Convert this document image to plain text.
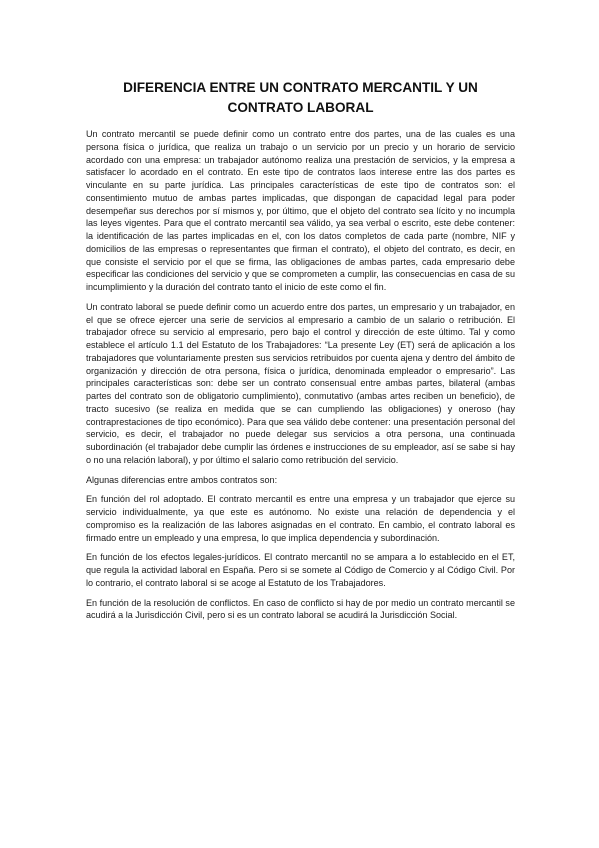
DIFERENCIA ENTRE UN CONTRATO MERCANTIL Y UN CONTRATO LABORAL

Un contrato mercantil se puede definir como un contrato entre dos partes, una de las cuales es una persona física o jurídica, que realiza un trabajo o un servicio por un precio y un horario de servicio acordado con una empresa: un trabajador autónomo realiza una prestación de servicios, y la empresa a satisfacer lo acordado en el contrato. En este tipo de contratos laos interese entre las dos partes es vinculante en su parte jurídica. Las principales características de este tipo de contratos son: el consentimiento mutuo de ambas partes implicadas, que dispongan de capacidad legal para poder desempeñar sus derechos por sí mismos y, por último, que el objeto del contrato sea lícito y no incumpla las leyes vigentes. Para que el contrato mercantil sea válido, ya sea verbal o escrito, este debe contener: la identificación de las partes implicadas en el, con los datos completos de cada parte (nombre, NIF y domicilios de las empresas o representantes que firman el contrato), el objeto del contrato, es decir, en que consiste el servicio por el que se firma, las obligaciones de ambas partes, cada empresario debe especificar las condiciones del servicio y que se comprometen a cumplir, las consecuencias en casa de su incumplimiento y la duración del contrato tanto el inicio de este como el fin.

Un contrato laboral se puede definir como un acuerdo entre dos partes, un empresario y un trabajador, en el que se ofrece ejercer una serie de servicios al empresario a cambio de un salario o retribución. El trabajador ofrece su servicio al empresario, pero bajo el control y dirección de este último. Tal y como establece el artículo 1.1 del Estatuto de los Trabajadores: “La presente Ley (ET) será de aplicación a los trabajadores que voluntariamente presten sus servicios retribuidos por cuenta ajena y dentro del ámbito de organización y dirección de otra persona, física o jurídica, denominada empleador o empresario”. Las principales características son: debe ser un contrato consensual entre ambas partes, bilateral (ambas partes del contrato son de obligatorio cumplimiento), conmutativo (ambas artes reciben un beneficio), de tracto sucesivo (se realiza en medida que se can cumpliendo las obligaciones) y oneroso (hay contraprestaciones de tipo económico). Para que sea válido debe contener: una presentación personal del servicio, es decir, el trabajador no puede delegar sus servicios a otra persona, una continuada subordinación (el trabajador debe cumplir las órdenes e instrucciones de su empleador, así se sabe si hay o no una relación laboral), y por último el salario como retribución del servicio.

Algunas diferencias entre ambos contratos son:

En función del rol adoptado. El contrato mercantil es entre una empresa y un trabajador que ejerce su servicio individualmente, ya que este es autónomo. No existe una relación de dependencia y el compromiso es la realización de las labores asignadas en el contrato. En cambio, el contrato laboral es firmado entre un empleado y una empresa, lo que implica dependencia y subordinación.

En función de los efectos legales-jurídicos. El contrato mercantil no se ampara a lo establecido en el ET, que regula la actividad laboral en España. Pero si se somete al Código de Comercio y al Código Civil. Por lo contrario, el contrato laboral si se acoge al Estatuto de los Trabajadores.

En función de la resolución de conflictos. En caso de conflicto si hay de por medio un contrato mercantil se acudirá a la Jurisdicción Civil, pero si es un contrato laboral se acudirá la Jurisdicción Social.
